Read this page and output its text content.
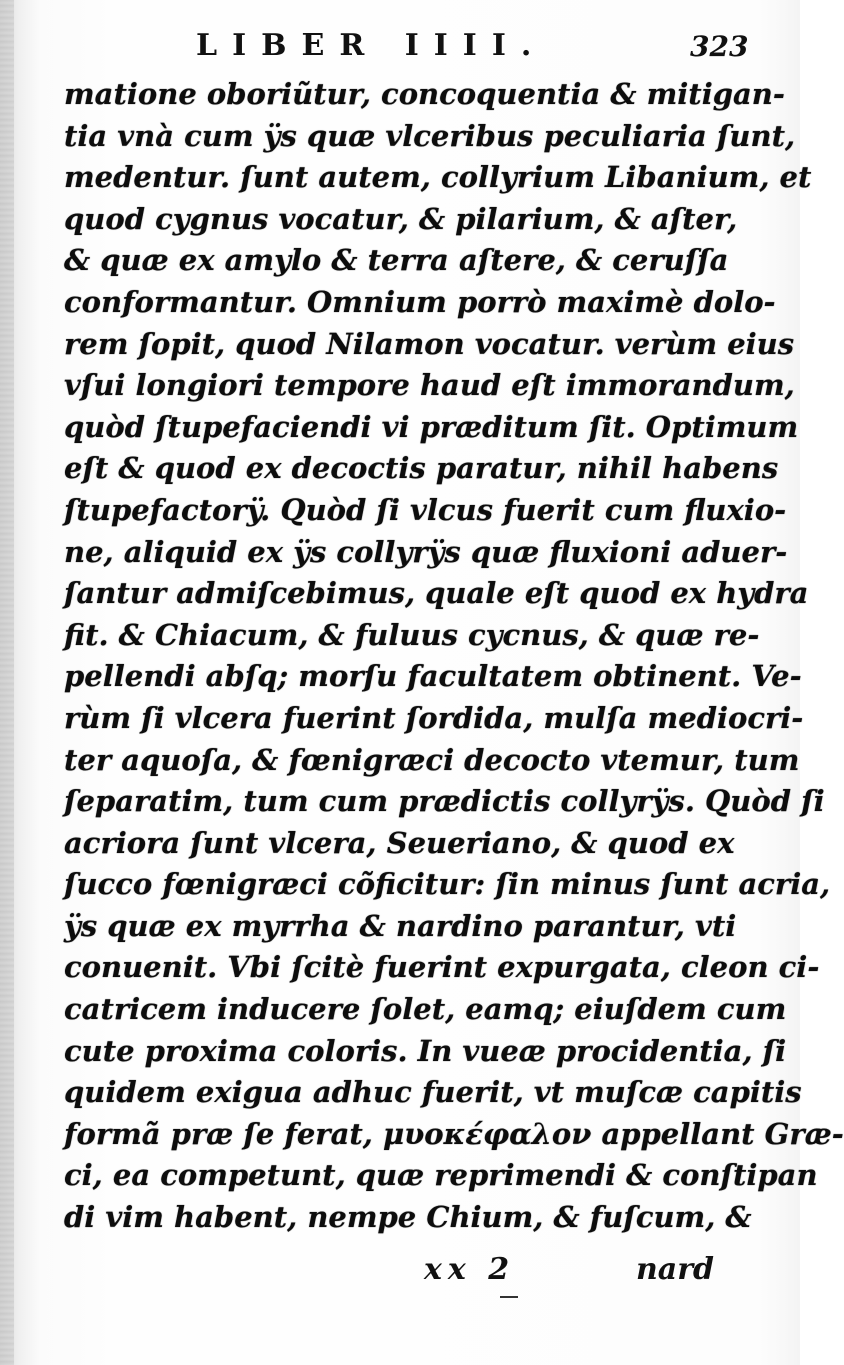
LIBER IIII.	323
matione oboriũtur, concoquentia & mitigan-
tia vnà cum ÿs quæ vlceribus peculiaria ſunt,
medentur. ſunt autem, collyrium Libanium, et
quod cygnus vocatur, & pilarium, & aſter,
& quæ ex amylo & terra aſtere, & ceruſſa
conformantur. Omnium porrò maximè dolo-
rem ſopit, quod Nilamon vocatur. verùm eius
vſui longiori tempore haud eſt immorandum,
quòd ſtupefaciendi vi præditum ſit. Optimum
eſt & quod ex decoctis paratur, nihil habens
ſtupefactorÿ. Quòd ſi vlcus fuerit cum fluxio-
ne, aliquid ex ÿs collyrÿs quæ fluxioni aduer-
ſantur admiſcebimus, quale eſt quod ex hydra
fit. & Chiacum, & fuluus cycnus, & quæ re-
pellendi abſq; morſu facultatem obtinent. Ve-
rùm ſi vlcera fuerint ſordida, mulſa mediocri-
ter aquoſa, & fœnigræci decocto vtemur, tum
ſeparatim, tum cum prædictis collyrÿs. Quòd ſi
acriora ſunt vlcera, Seueriano, & quod ex
ſucco fœnigræci cõficitur: ſin minus ſunt acria,
ÿs quæ ex myrrha & nardino parantur, vti
conuenit. Vbi ſcitè fuerint expurgata, cleon ci-
catricem inducere ſolet, eamq; eiuſdem cum
cute proxima coloris. In vueæ procidentia, ſi
quidem exigua adhuc fuerit, vt muſcæ capitis
formã præ ſe ferat, μυοκέφαλον appellant Græ-
ci, ea competunt, quæ reprimendi & conſtipan
di vim habent, nempe Chium, & fuſcum, &
xx 2	nard
